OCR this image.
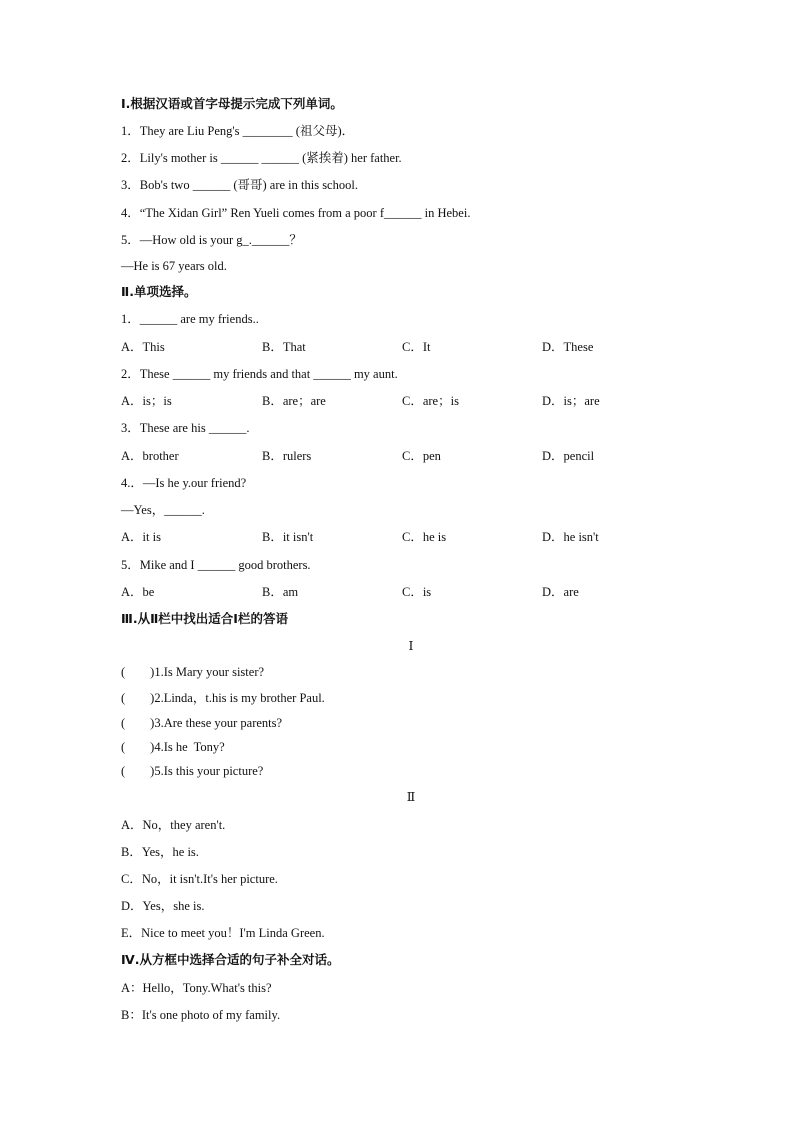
Ⅰ.根据汉语或首字母提示完成下列单词。
1．They are Liu Peng's ________ (祖父母)．
2．Lily's mother is ______ ______ (紧挨着) her father.
3．Bob's two ______ (哥哥) are in this school.
4．“The Xidan Girl” Ren Yueli comes from a poor f______ in Hebei.
5．—How old is your g_.______？
—He is 67 years old.
Ⅱ.单项选择。
1．______ are my friends..
A．This	B．That	C．It	D．These
2．These ______ my friends and that ______ my aunt.
A．is；is	B．are；are	C．are；is	D．is；are
3．These are his ______.
A．brother	B．rulers	C．pen	D．pencil
4.．—Is he y.our friend?
—Yes，______.
A．it is	B．it isn't	C．he is	D．he isn't
5．Mike and I ______ good brothers.
A．be	B．am	C．is	D．are
Ⅲ.从Ⅱ栏中找出适合Ⅰ栏的答语
Ⅰ
(　　)1.Is Mary your sister?
(　　)2.Linda，t.his is my brother Paul.
(　　)3.Are these your parents?
(　　)4.Is he  Tony?
(　　)5.Is this your picture?
Ⅱ
A．No，they aren't.
B．Yes，he is.
C．No，it isn't.It's her picture.
D．Yes，she is.
E．Nice to meet you！I'm Linda Green.
Ⅳ.从方框中选择合适的句子补全对话。
A：Hello，Tony.What's this?
B：It's one photo of my family.
